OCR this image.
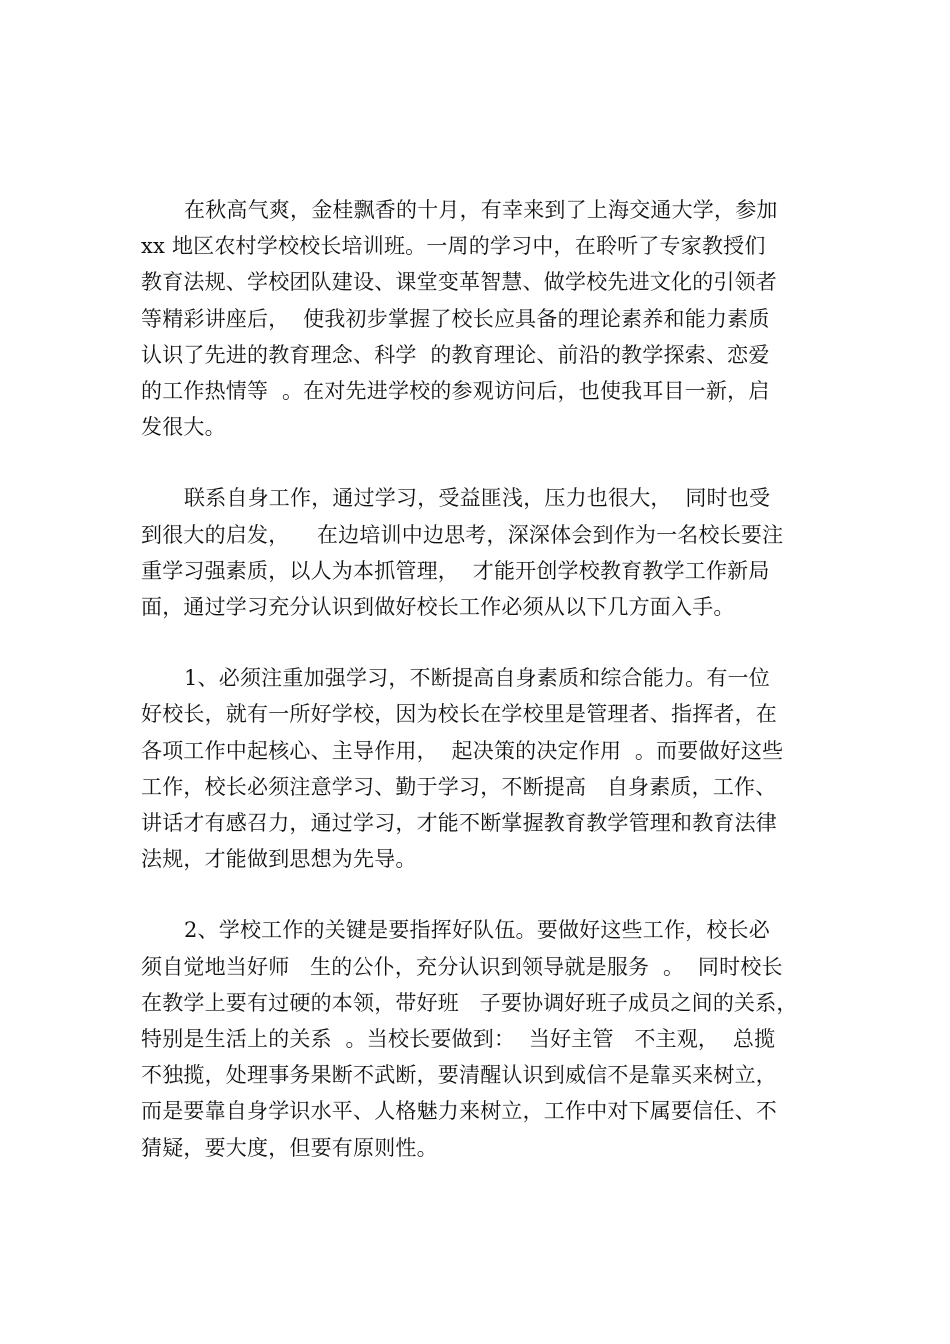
在秋高气爽，金桂飘香的十月，有幸来到了上海交通大学，参加
xx 地区农村学校校长培训班。一周的学习中，在聆听了专家教授们
教育法规、学校团队建设、课堂变革智慧、做学校先进文化的引领者
等精彩讲座后，  使我初步掌握了校长应具备的理论素养和能力素质
认识了先进的教育理念、科学  的教育理论、前沿的教学探索、恋爱
的工作热情等  。在对先进学校的参观访问后，也使我耳目一新，启
发很大。
联系自身工作，通过学习，受益匪浅，压力也很大，  同时也受
到很大的启发，    在边培训中边思考，深深体会到作为一名校长要注
重学习强素质，以人为本抓管理，  才能开创学校教育教学工作新局
面，通过学习充分认识到做好校长工作必须从以下几方面入手。
1、必须注重加强学习，不断提高自身素质和综合能力。有一位
好校长，就有一所好学校，因为校长在学校里是管理者、指挥者，在
各项工作中起核心、主导作用，  起决策的决定作用  。而要做好这些
工作，校长必须注意学习、勤于学习，不断提高   自身素质，工作、
讲话才有感召力，通过学习，才能不断掌握教育教学管理和教育法律
法规，才能做到思想为先导。
2、学校工作的关键是要指挥好队伍。要做好这些工作，校长必
须自觉地当好师   生的公仆，充分认识到领导就是服务  。  同时校长
在教学上要有过硬的本领，带好班   子要协调好班子成员之间的关系，
特别是生活上的关系  。当校长要做到：  当好主管   不主观，  总揽
不独揽，处理事务果断不武断，要清醒认识到威信不是靠买来树立，
而是要靠自身学识水平、人格魅力来树立，工作中对下属要信任、不
猜疑，要大度，但要有原则性。
